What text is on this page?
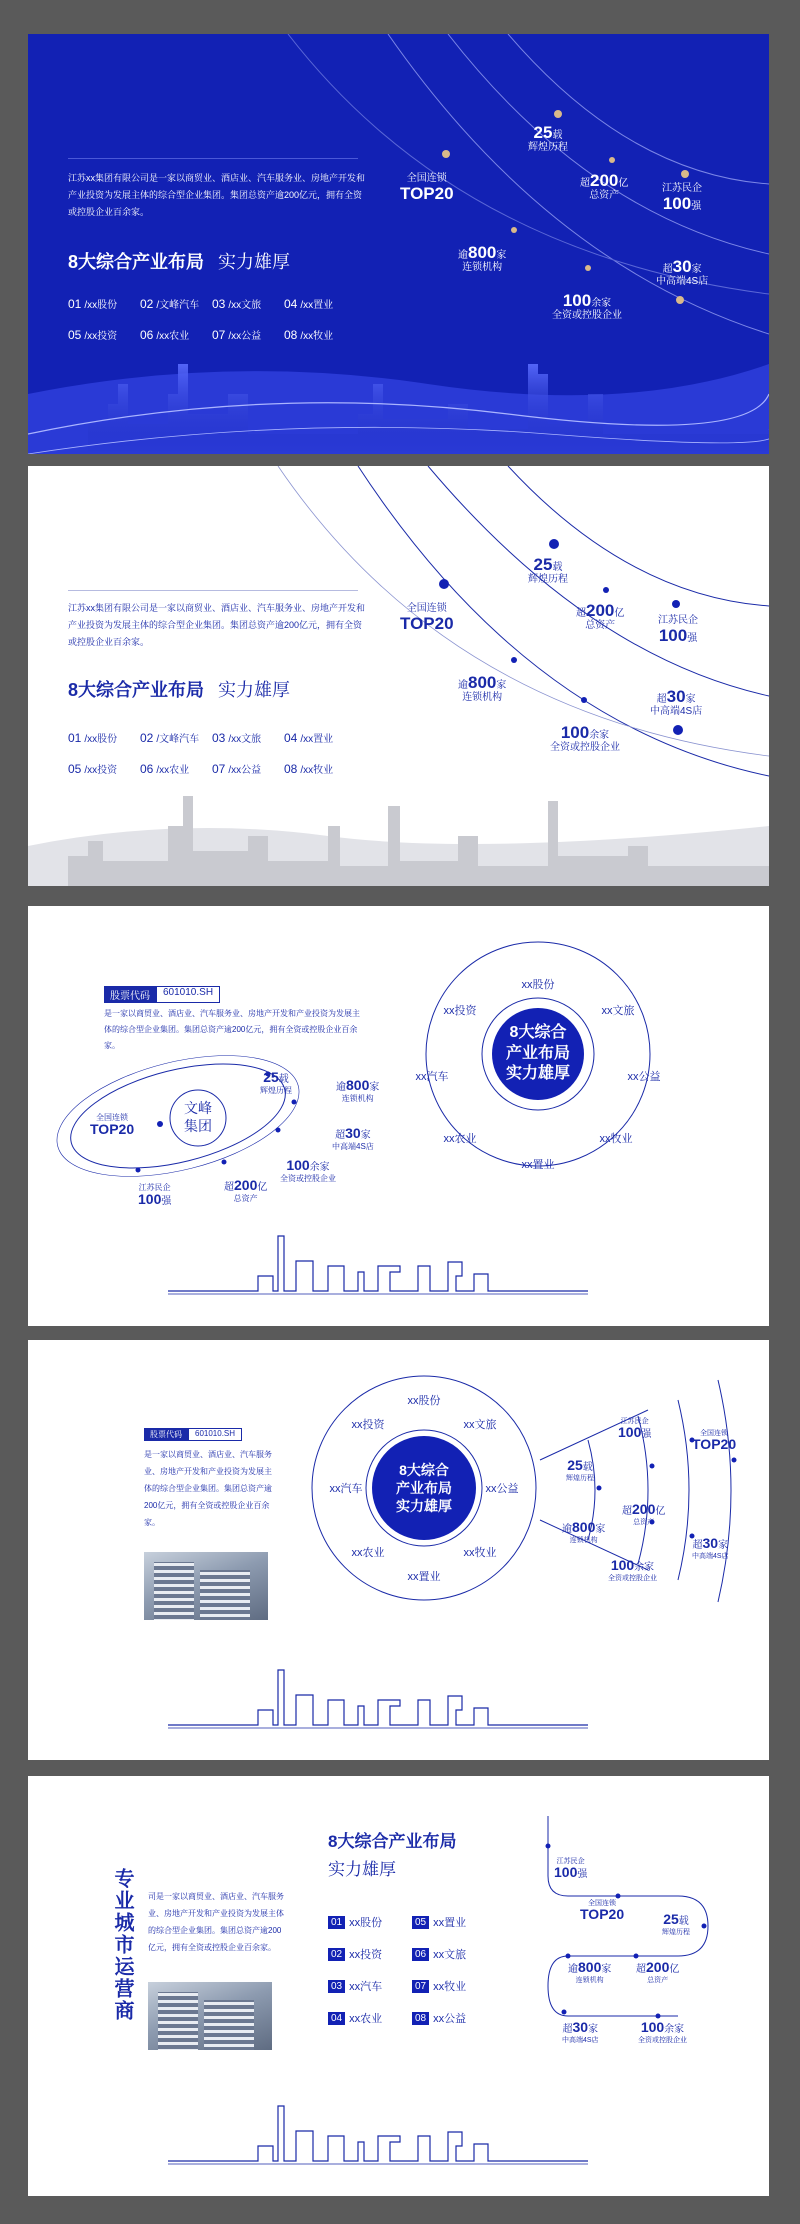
江苏xx集团有限公司是一家以商贸业、酒店业、汽车服务业、房地产开发和产业投资为发展主体的综合型企业集团。集团总资产逾200亿元，拥有全资或控股企业百余家。
8大综合产业布局 实力雄厚
01 /xx股份	02 /文峰汽车	03 /xx文旅	04 /xx置业
05 /xx投资	06 /xx农业	07 /xx公益	08 /xx牧业
全国连锁
TOP20
25载
辉煌历程
超200亿
总资产
江苏民企
100强
逾800家
连锁机构	超30家
中高端4S店
100余家
全资或控股企业
江苏xx集团有限公司是一家以商贸业、酒店业、汽车服务业、房地产开发和产业投资为发展主体的综合型企业集团。集团总资产逾200亿元，拥有全资或控股企业百余家。
8大综合产业布局 实力雄厚
01 /xx股份	02 /文峰汽车	03 /xx文旅	04 /xx置业
05 /xx投资	06 /xx农业	07 /xx公益	08 /xx牧业
全国连锁
TOP20
25载
辉煌历程
超200亿
总资产	江苏民企
100强
逾800家
连锁机构	超30家
中高端4S店
100余家
全资或控股企业
股票代码	601010.SH
是一家以商贸业、酒店业、汽车服务业、房地产开发和产业投资为发展主体的综合型企业集团。集团总资产逾200亿元，拥有全资或控股企业百余家。
文峰集团
全国连锁
TOP20
25载
辉煌历程	逾800家
连锁机构
超30家
中高端4S店
100余家
全资或控股企业
超200亿
总资产
江苏民企
100强
8大综合
产业布局
实力雄厚
xx股份
xx文旅
xx公益
xx牧业
xx置业
xx农业
xx汽车
xx投资
股票代码	601010.SH
是一家以商贸业、酒店业、汽车服务业、房地产开发和产业投资为发展主体的综合型企业集团。集团总资产逾200亿元，拥有全资或控股企业百余家。
8大综合
产业布局
实力雄厚
xx股份
xx文旅
xx公益
xx牧业
xx置业
xx农业
xx汽车
xx投资
25载
辉煌历程
江苏民企
100强	全国连锁
TOP20
逾800家
连锁机构
超200亿
总资产
超30家
中高端4S店
100余家
全资或控股企业
专业城市运营商	司是一家以商贸业、酒店业、汽车服务业、房地产开发和产业投资为发展主体的综合型企业集团。集团总资产逾200亿元，拥有全资或控股企业百余家。
8大综合产业布局
实力雄厚
01 xx股份	05 xx置业
02 xx投资	06 xx文旅
03 xx汽车	07 xx牧业
04 xx农业	08 xx公益
江苏民企
100强
全国连锁
TOP20	25载
辉煌历程
逾800家
连锁机构
超200亿
总资产
超30家
中高端4S店
100余家
全资或控股企业
